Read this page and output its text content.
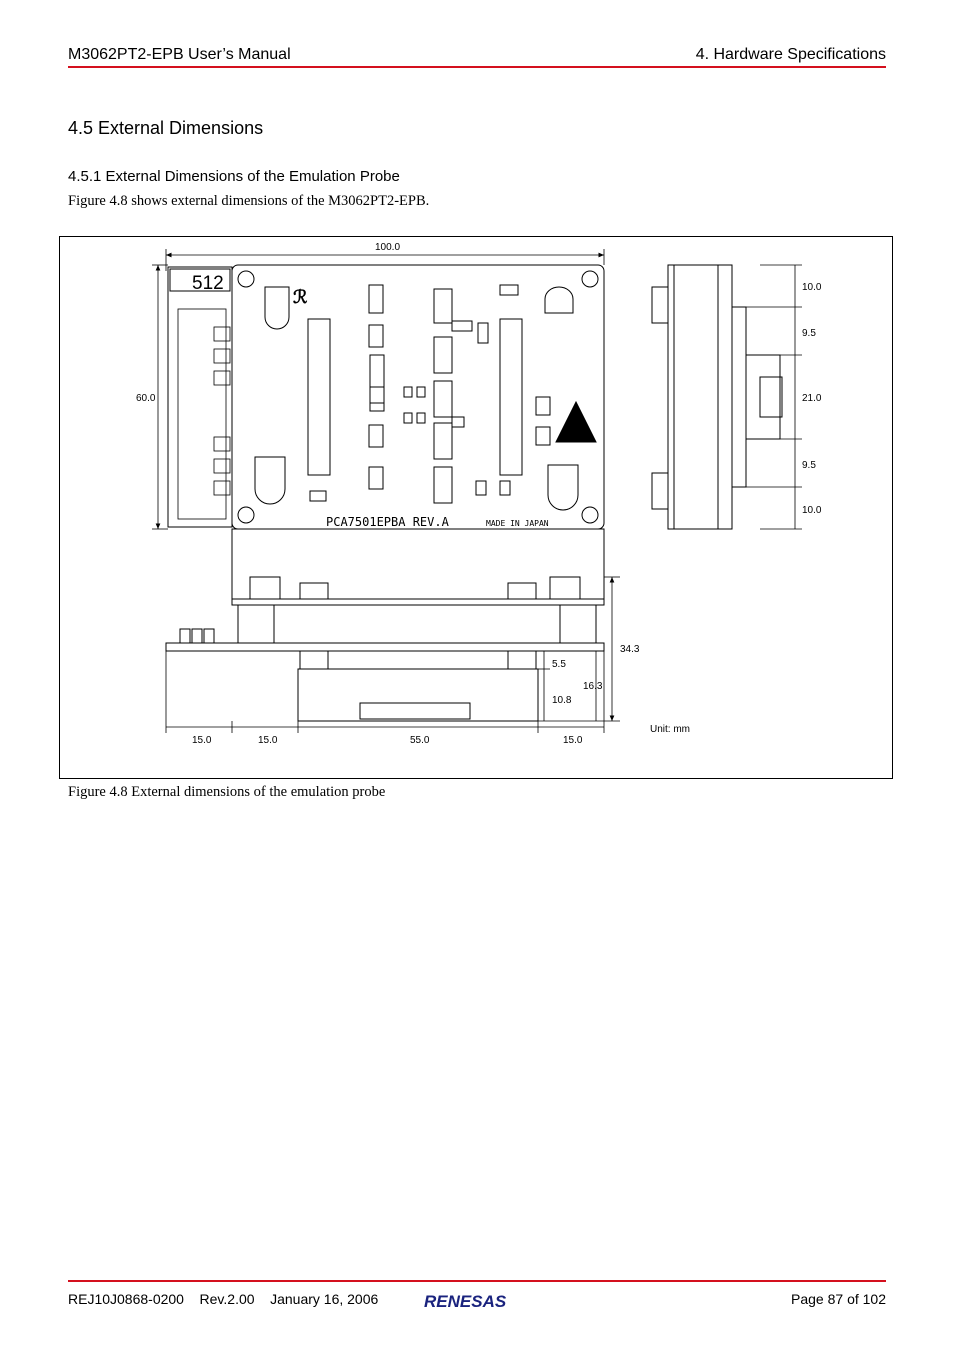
M3062PT2-EPB User’s Manual	4. Hardware Specifications
4.5 External Dimensions
4.5.1 External Dimensions of the Emulation Probe
Figure 4.8 shows external dimensions of the M3062PT2-EPB.
ℛ
100.0
60.0
10.0
9.5
21.0
9.5
10.0
34.3
5.5
16.3
10.8
15.0	15.0	55.0	15.0
Unit: mm
512
PCA7501EPBA REV.A	MADE IN JAPAN
Figure 4.8 External dimensions of the emulation probe
REJ10J0868-0200    Rev.2.00    January 16, 2006	RENESAS	Page 87 of 102
